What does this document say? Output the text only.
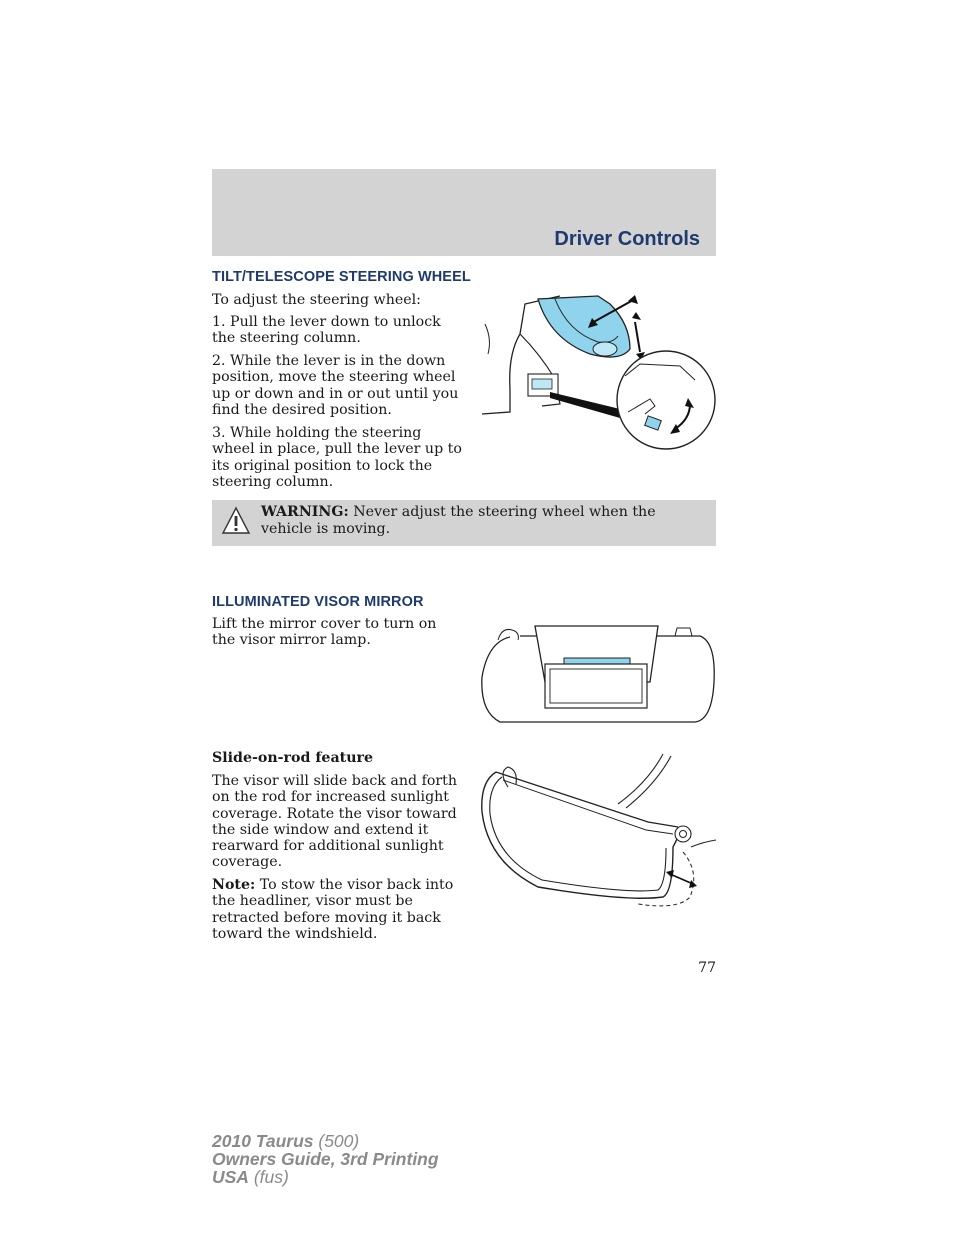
Driver Controls
TILT/TELESCOPE STEERING WHEEL

To adjust the steering wheel:

1. Pull the lever down to unlock the steering column.

2. While the lever is in the down position, move the steering wheel up or down and in or out until you find the desired position.

3. While holding the steering wheel in place, pull the lever up to its original position to lock the steering column.

WARNING: Never adjust the steering wheel when the vehicle is moving.
ILLUMINATED VISOR MIRROR

Lift the mirror cover to turn on the visor mirror lamp.

Slide-on-rod feature

The visor will slide back and forth on the rod for increased sunlight coverage. Rotate the visor toward the side window and extend it rearward for additional sunlight coverage.

Note: To stow the visor back into the headliner, visor must be retracted before moving it back toward the windshield.

77
2010 Taurus (500)
Owners Guide, 3rd Printing
USA (fus)
